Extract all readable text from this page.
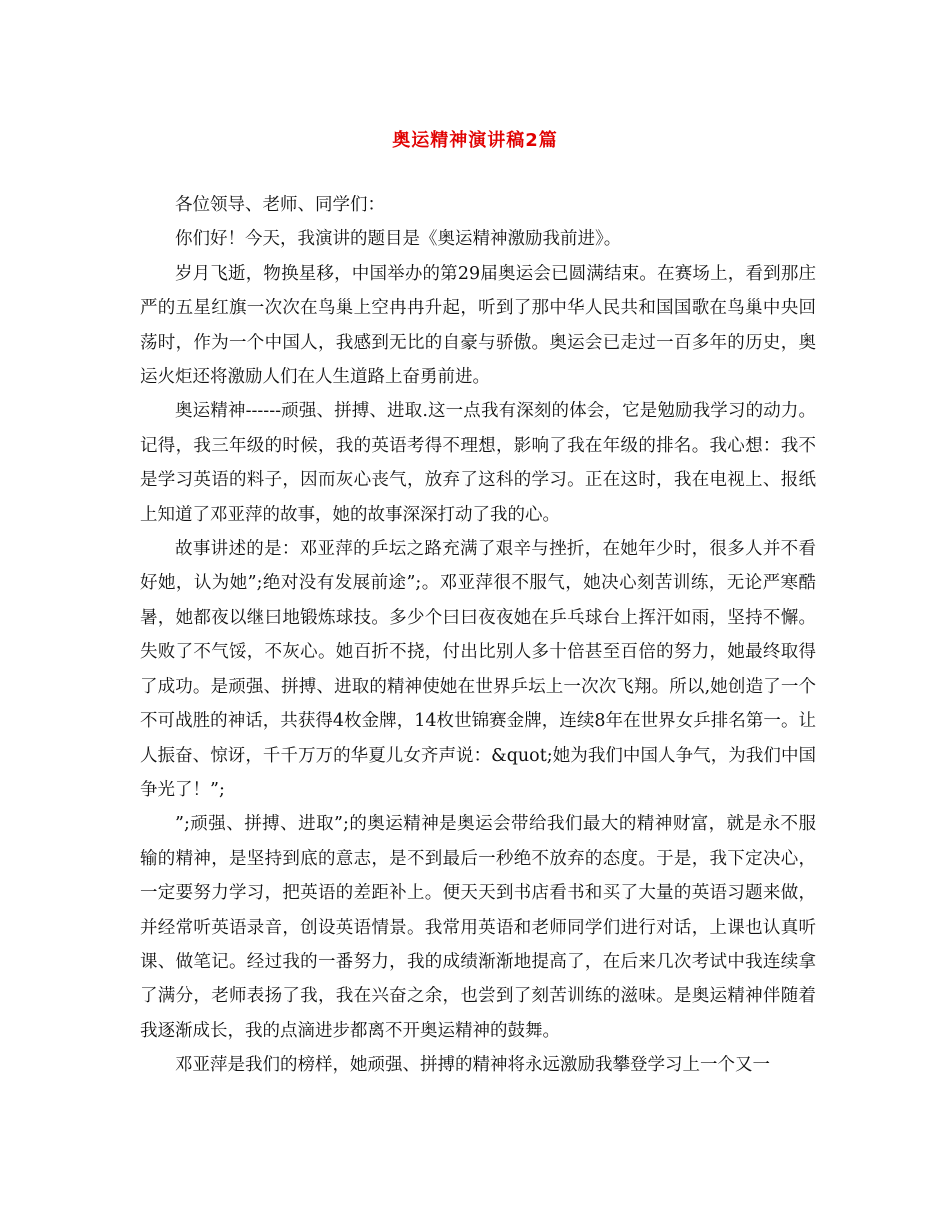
奥运精神演讲稿2篇

各位领导、老师、同学们：

你们好！今天，我演讲的题目是《奥运精神激励我前进》。

岁月飞逝，物换星移，中国举办的第29届奥运会已圆满结束。在赛场上，看到那庄严的五星红旗一次次在鸟巢上空冉冉升起，听到了那中华人民共和国国歌在鸟巢中央回荡时，作为一个中国人，我感到无比的自豪与骄傲。奥运会已走过一百多年的历史，奥运火炬还将激励人们在人生道路上奋勇前进。

奥运精神------顽强、拼搏、进取.这一点我有深刻的体会，它是勉励我学习的动力。记得，我三年级的时候，我的英语考得不理想，影响了我在年级的排名。我心想：我不是学习英语的料子，因而灰心丧气，放弃了这科的学习。正在这时，我在电视上、报纸上知道了邓亚萍的故事，她的故事深深打动了我的心。

故事讲述的是：邓亚萍的乒坛之路充满了艰辛与挫折，在她年少时，很多人并不看好她，认为她”;绝对没有发展前途”;。邓亚萍很不服气，她决心刻苦训练，无论严寒酷暑，她都夜以继曰地锻炼球技。多少个曰曰夜夜她在乒乓球台上挥汗如雨，坚持不懈。失败了不气馁，不灰心。她百折不挠，付出比别人多十倍甚至百倍的努力，她最终取得了成功。是顽强、拼搏、进取的精神使她在世界乒坛上一次次飞翔。所以,她创造了一个不可战胜的神话，共获得4枚金牌，14枚世锦赛金牌，连续8年在世界女乒排名第一。让人振奋、惊讶，千千万万的华夏儿女齐声说：&quot;她为我们中国人争气，为我们中国争光了！”;

”;顽强、拼搏、进取”;的奥运精神是奥运会带给我们最大的精神财富，就是永不服输的精神，是坚持到底的意志，是不到最后一秒绝不放弃的态度。于是，我下定决心，一定要努力学习，把英语的差距补上。便天天到书店看书和买了大量的英语习题来做，并经常听英语录音，创设英语情景。我常用英语和老师同学们进行对话，上课也认真听课、做笔记。经过我的一番努力，我的成绩渐渐地提高了，在后来几次考试中我连续拿了满分，老师表扬了我，我在兴奋之余，也尝到了刻苦训练的滋味。是奥运精神伴随着我逐渐成长，我的点滴进步都离不开奥运精神的鼓舞。

邓亚萍是我们的榜样，她顽强、拼搏的精神将永远激励我攀登学习上一个又一
